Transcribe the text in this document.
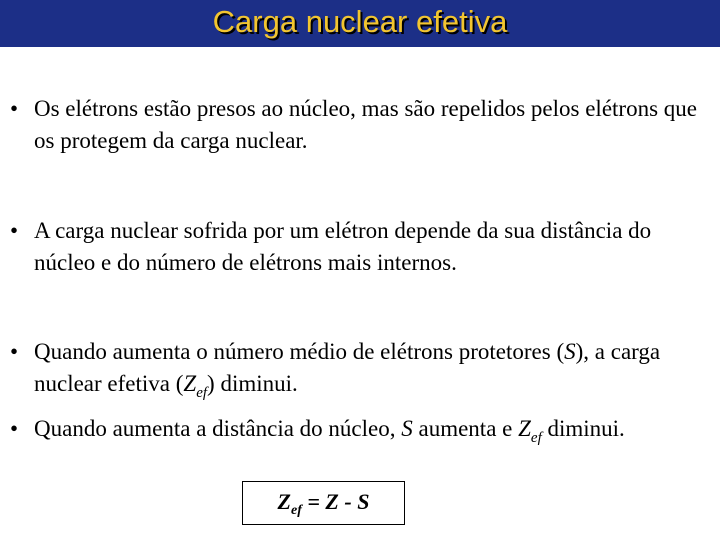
Carga nuclear efetiva
• Os elétrons estão presos ao núcleo, mas são repelidos pelos elétrons que os protegem da carga nuclear.
• A carga nuclear sofrida por um elétron depende da sua distância do núcleo e do número de elétrons mais internos.
• Quando aumenta o número médio de elétrons protetores (S), a carga nuclear efetiva $(Z_{ef})$ diminui.
• Quando aumenta a distância do núcleo, S aumenta e $Z_{ef}$ diminui.
$Z_{ef} = Z - S$
